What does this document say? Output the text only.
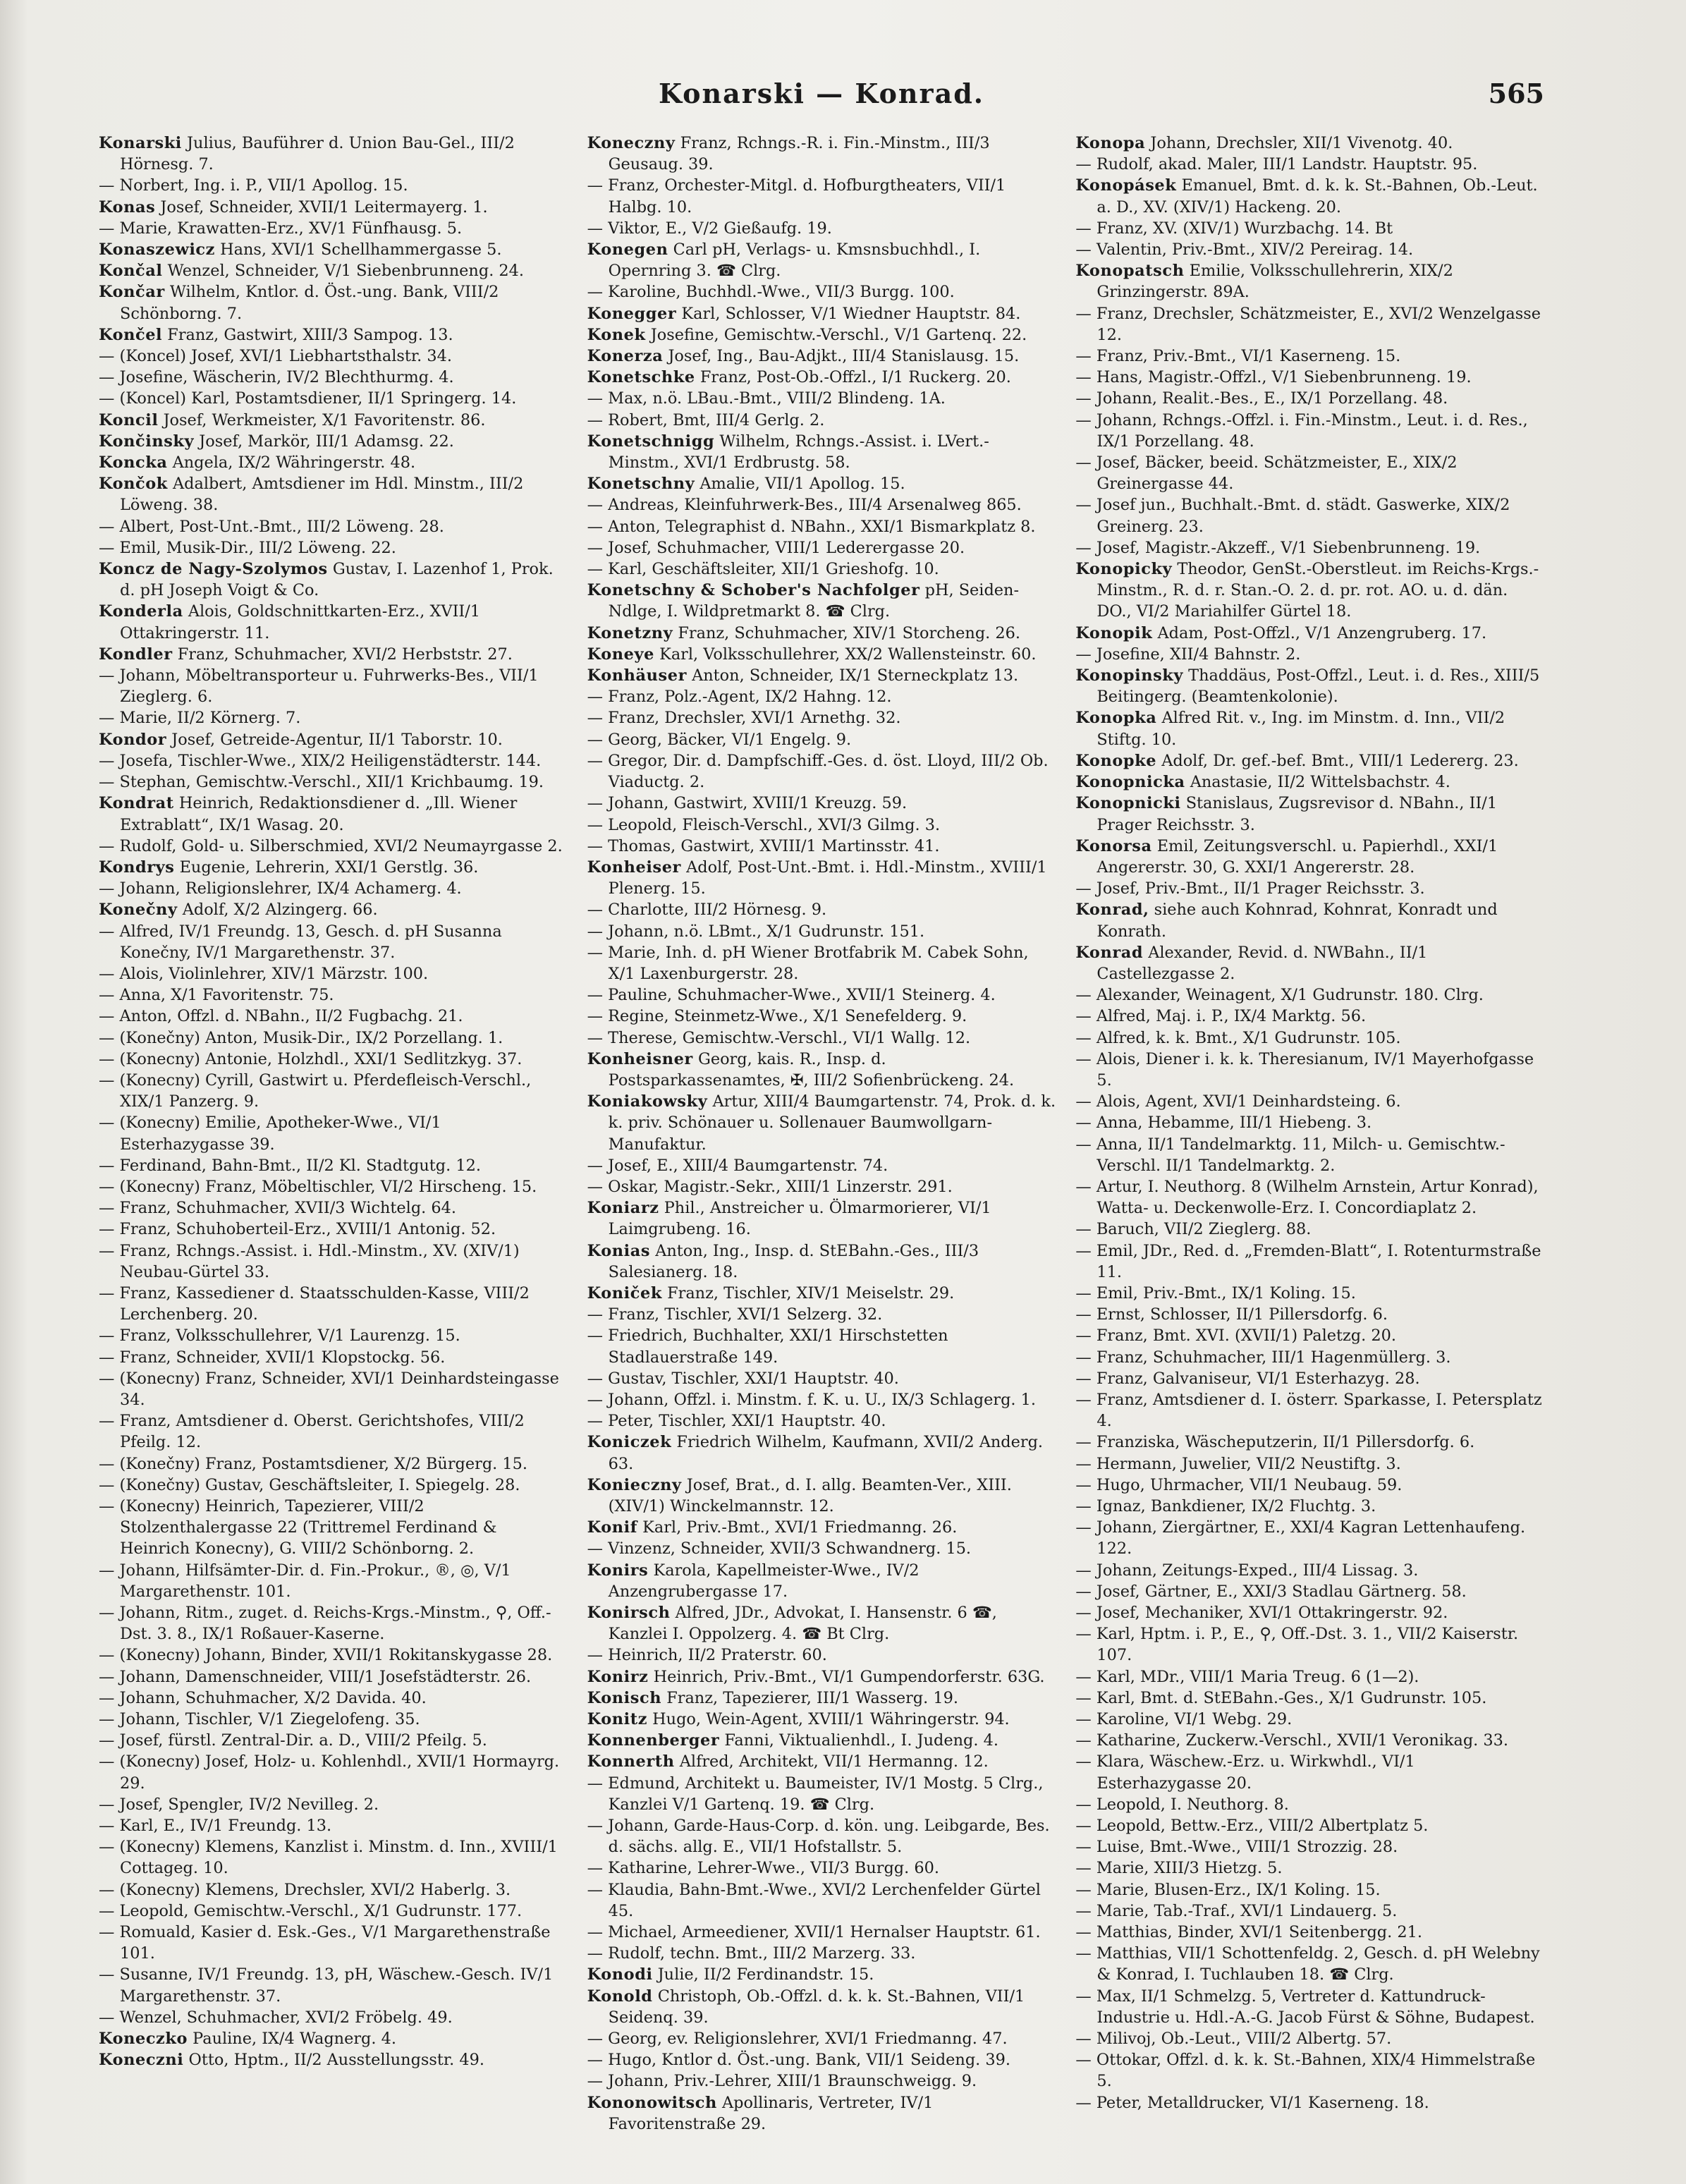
Konarski — Konrad.	565

Konarski Julius, Bauführer d. Union Bau-Gel., III/2 Hörnesg. 7.

— Norbert, Ing. i. P., VII/1 Apollog. 15.

Konas Josef, Schneider, XVII/1 Leitermayerg. 1.

— Marie, Krawatten-Erz., XV/1 Fünfhausg. 5.

Konaszewicz Hans, XVI/1 Schellhammergasse 5.

Končal Wenzel, Schneider, V/1 Siebenbrunneng. 24.

Končar Wilhelm, Kntlor. d. Öst.-ung. Bank, VIII/2 Schönborng. 7.

Končel Franz, Gastwirt, XIII/3 Sampog. 13.

— (Koncel) Josef, XVI/1 Liebhartsthalstr. 34.

— Josefine, Wäscherin, IV/2 Blechthurmg. 4.

— (Koncel) Karl, Postamtsdiener, II/1 Springerg. 14.

Koncil Josef, Werkmeister, X/1 Favoritenstr. 86.

Končinsky Josef, Markör, III/1 Adamsg. 22.

Koncka Angela, IX/2 Währingerstr. 48.

Končok Adalbert, Amtsdiener im Hdl. Minstm., III/2 Löweng. 38.

— Albert, Post-Unt.-Bmt., III/2 Löweng. 28.

— Emil, Musik-Dir., III/2 Löweng. 22.

Koncz de Nagy-Szolymos Gustav, I. Lazenhof 1, Prok. d. pH Joseph Voigt & Co.

Konderla Alois, Goldschnittkarten-Erz., XVII/1 Ottakringerstr. 11.

Kondler Franz, Schuhmacher, XVI/2 Herbststr. 27.

— Johann, Möbeltransporteur u. Fuhrwerks-Bes., VII/1 Zieglerg. 6.

— Marie, II/2 Körnerg. 7.

Kondor Josef, Getreide-Agentur, II/1 Taborstr. 10.

— Josefa, Tischler-Wwe., XIX/2 Heiligenstädterstr. 144.

— Stephan, Gemischtw.-Verschl., XII/1 Krichbaumg. 19.

Kondrat Heinrich, Redaktionsdiener d. „Ill. Wiener Extrablatt“, IX/1 Wasag. 20.

— Rudolf, Gold- u. Silberschmied, XVI/2 Neumayrgasse 2.

Kondrys Eugenie, Lehrerin, XXI/1 Gerstlg. 36.

— Johann, Religionslehrer, IX/4 Achamerg. 4.

Konečny Adolf, X/2 Alzingerg. 66.

— Alfred, IV/1 Freundg. 13, Gesch. d. pH Susanna Konečny, IV/1 Margarethenstr. 37.

— Alois, Violinlehrer, XIV/1 Märzstr. 100.

— Anna, X/1 Favoritenstr. 75.

— Anton, Offzl. d. NBahn., II/2 Fugbachg. 21.

— (Konečny) Anton, Musik-Dir., IX/2 Porzellang. 1.

— (Konecny) Antonie, Holzhdl., XXI/1 Sedlitzkyg. 37.

— (Konecny) Cyrill, Gastwirt u. Pferdefleisch-Verschl., XIX/1 Panzerg. 9.

— (Konecny) Emilie, Apotheker-Wwe., VI/1 Esterhazygasse 39.

— Ferdinand, Bahn-Bmt., II/2 Kl. Stadtgutg. 12.

— (Konecny) Franz, Möbeltischler, VI/2 Hirscheng. 15.

— Franz, Schuhmacher, XVII/3 Wichtelg. 64.

— Franz, Schuhoberteil-Erz., XVIII/1 Antonig. 52.

— Franz, Rchngs.-Assist. i. Hdl.-Minstm., XV. (XIV/1) Neubau-Gürtel 33.

— Franz, Kassediener d. Staatsschulden-Kasse, VIII/2 Lerchenberg. 20.

— Franz, Volksschullehrer, V/1 Laurenzg. 15.

— Franz, Schneider, XVII/1 Klopstockg. 56.

— (Konecny) Franz, Schneider, XVI/1 Deinhardsteingasse 34.

— Franz, Amtsdiener d. Oberst. Gerichtshofes, VIII/2 Pfeilg. 12.

— (Konečny) Franz, Postamtsdiener, X/2 Bürgerg. 15.

— (Konečny) Gustav, Geschäftsleiter, I. Spiegelg. 28.

— (Konecny) Heinrich, Tapezierer, VIII/2 Stolzenthalergasse 22 (Trittremel Ferdinand & Heinrich Konecny), G. VIII/2 Schönborng. 2.

— Johann, Hilfsämter-Dir. d. Fin.-Prokur., ®, ◎, V/1 Margarethenstr. 101.

— Johann, Ritm., zuget. d. Reichs-Krgs.-Minstm., ⚲, Off.-Dst. 3. 8., IX/1 Roßauer-Kaserne.

— (Konecny) Johann, Binder, XVII/1 Rokitanskygasse 28.

— Johann, Damenschneider, VIII/1 Josefstädterstr. 26.

— Johann, Schuhmacher, X/2 Davida. 40.

— Johann, Tischler, V/1 Ziegelofeng. 35.

— Josef, fürstl. Zentral-Dir. a. D., VIII/2 Pfeilg. 5.

— (Konecny) Josef, Holz- u. Kohlenhdl., XVII/1 Hormayrg. 29.

— Josef, Spengler, IV/2 Nevilleg. 2.

— Karl, E., IV/1 Freundg. 13.

— (Konecny) Klemens, Kanzlist i. Minstm. d. Inn., XVIII/1 Cottageg. 10.

— (Konecny) Klemens, Drechsler, XVI/2 Haberlg. 3.

— Leopold, Gemischtw.-Verschl., X/1 Gudrunstr. 177.

— Romuald, Kasier d. Esk.-Ges., V/1 Margarethenstraße 101.

— Susanne, IV/1 Freundg. 13, pH, Wäschew.-Gesch. IV/1 Margarethenstr. 37.

— Wenzel, Schuhmacher, XVI/2 Fröbelg. 49.

Koneczko Pauline, IX/4 Wagnerg. 4.

Koneczni Otto, Hptm., II/2 Ausstellungsstr. 49.

Koneczny Franz, Rchngs.-R. i. Fin.-Minstm., III/3 Geusaug. 39.

— Franz, Orchester-Mitgl. d. Hofburgtheaters, VII/1 Halbg. 10.

— Viktor, E., V/2 Gießaufg. 19.

Konegen Carl pH, Verlags- u. Kmsnsbuchhdl., I. Opernring 3. ☎ Clrg.

— Karoline, Buchhdl.-Wwe., VII/3 Burgg. 100.

Konegger Karl, Schlosser, V/1 Wiedner Hauptstr. 84.

Konek Josefine, Gemischtw.-Verschl., V/1 Gartenq. 22.

Konerza Josef, Ing., Bau-Adjkt., III/4 Stanislausg. 15.

Konetschke Franz, Post-Ob.-Offzl., I/1 Ruckerg. 20.

— Max, n.ö. LBau.-Bmt., VIII/2 Blindeng. 1A.

— Robert, Bmt, III/4 Gerlg. 2.

Konetschnigg Wilhelm, Rchngs.-Assist. i. LVert.-Minstm., XVI/1 Erdbrustg. 58.

Konetschny Amalie, VII/1 Apollog. 15.

— Andreas, Kleinfuhrwerk-Bes., III/4 Arsenalweg 865.

— Anton, Telegraphist d. NBahn., XXI/1 Bismarkplatz 8.

— Josef, Schuhmacher, VIII/1 Lederergasse 20.

— Karl, Geschäftsleiter, XII/1 Grieshofg. 10.

Konetschny & Schober's Nachfolger pH, Seiden-Ndlge, I. Wildpretmarkt 8. ☎ Clrg.

Konetzny Franz, Schuhmacher, XIV/1 Storcheng. 26.

Koneye Karl, Volksschullehrer, XX/2 Wallensteinstr. 60.

Konhäuser Anton, Schneider, IX/1 Sterneckplatz 13.

— Franz, Polz.-Agent, IX/2 Hahng. 12.

— Franz, Drechsler, XVI/1 Arnethg. 32.

— Georg, Bäcker, VI/1 Engelg. 9.

— Gregor, Dir. d. Dampfschiff.-Ges. d. öst. Lloyd, III/2 Ob. Viaductg. 2.

— Johann, Gastwirt, XVIII/1 Kreuzg. 59.

— Leopold, Fleisch-Verschl., XVI/3 Gilmg. 3.

— Thomas, Gastwirt, XVIII/1 Martinsstr. 41.

Konheiser Adolf, Post-Unt.-Bmt. i. Hdl.-Minstm., XVIII/1 Plenerg. 15.

— Charlotte, III/2 Hörnesg. 9.

— Johann, n.ö. LBmt., X/1 Gudrunstr. 151.

— Marie, Inh. d. pH Wiener Brotfabrik M. Cabek Sohn, X/1 Laxenburgerstr. 28.

— Pauline, Schuhmacher-Wwe., XVII/1 Steinerg. 4.

— Regine, Steinmetz-Wwe., X/1 Senefelderg. 9.

— Therese, Gemischtw.-Verschl., VI/1 Wallg. 12.

Konheisner Georg, kais. R., Insp. d. Postsparkassenamtes, ✠, III/2 Sofienbrückeng. 24.

Koniakowsky Artur, XIII/4 Baumgartenstr. 74, Prok. d. k. k. priv. Schönauer u. Sollenauer Baumwollgarn-Manufaktur.

— Josef, E., XIII/4 Baumgartenstr. 74.

— Oskar, Magistr.-Sekr., XIII/1 Linzerstr. 291.

Koniarz Phil., Anstreicher u. Ölmarmorierer, VI/1 Laimgrubeng. 16.

Konias Anton, Ing., Insp. d. StEBahn.-Ges., III/3 Salesianerg. 18.

Koniček Franz, Tischler, XIV/1 Meiselstr. 29.

— Franz, Tischler, XVI/1 Selzerg. 32.

— Friedrich, Buchhalter, XXI/1 Hirschstetten Stadlauerstraße 149.

— Gustav, Tischler, XXI/1 Hauptstr. 40.

— Johann, Offzl. i. Minstm. f. K. u. U., IX/3 Schlagerg. 1.

— Peter, Tischler, XXI/1 Hauptstr. 40.

Koniczek Friedrich Wilhelm, Kaufmann, XVII/2 Anderg. 63.

Konieczny Josef, Brat., d. I. allg. Beamten-Ver., XIII. (XIV/1) Winckelmannstr. 12.

Konif Karl, Priv.-Bmt., XVI/1 Friedmanng. 26.

— Vinzenz, Schneider, XVII/3 Schwandnerg. 15.

Konirs Karola, Kapellmeister-Wwe., IV/2 Anzengrubergasse 17.

Konirsch Alfred, JDr., Advokat, I. Hansenstr. 6 ☎, Kanzlei I. Oppolzerg. 4. ☎ Bt Clrg.

— Heinrich, II/2 Praterstr. 60.

Konirz Heinrich, Priv.-Bmt., VI/1 Gumpendorferstr. 63G.

Konisch Franz, Tapezierer, III/1 Wasserg. 19.

Konitz Hugo, Wein-Agent, XVIII/1 Währingerstr. 94.

Konnenberger Fanni, Viktualienhdl., I. Judeng. 4.

Konnerth Alfred, Architekt, VII/1 Hermanng. 12.

— Edmund, Architekt u. Baumeister, IV/1 Mostg. 5 Clrg., Kanzlei V/1 Gartenq. 19. ☎ Clrg.

— Johann, Garde-Haus-Corp. d. kön. ung. Leibgarde, Bes. d. sächs. allg. E., VII/1 Hofstallstr. 5.

— Katharine, Lehrer-Wwe., VII/3 Burgg. 60.

— Klaudia, Bahn-Bmt.-Wwe., XVI/2 Lerchenfelder Gürtel 45.

— Michael, Armeediener, XVII/1 Hernalser Hauptstr. 61.

— Rudolf, techn. Bmt., III/2 Marzerg. 33.

Konodi Julie, II/2 Ferdinandstr. 15.

Konold Christoph, Ob.-Offzl. d. k. k. St.-Bahnen, VII/1 Seidenq. 39.

— Georg, ev. Religionslehrer, XVI/1 Friedmanng. 47.

— Hugo, Kntlor d. Öst.-ung. Bank, VII/1 Seideng. 39.

— Johann, Priv.-Lehrer, XIII/1 Braunschweigg. 9.

Kononowitsch Apollinaris, Vertreter, IV/1 Favoritenstraße 29.

Konopa Johann, Drechsler, XII/1 Vivenotg. 40.

— Rudolf, akad. Maler, III/1 Landstr. Hauptstr. 95.

Konopásek Emanuel, Bmt. d. k. k. St.-Bahnen, Ob.-Leut. a. D., XV. (XIV/1) Hackeng. 20.

— Franz, XV. (XIV/1) Wurzbachg. 14. Bt

— Valentin, Priv.-Bmt., XIV/2 Pereirag. 14.

Konopatsch Emilie, Volksschullehrerin, XIX/2 Grinzingerstr. 89A.

— Franz, Drechsler, Schätzmeister, E., XVI/2 Wenzelgasse 12.

— Franz, Priv.-Bmt., VI/1 Kaserneng. 15.

— Hans, Magistr.-Offzl., V/1 Siebenbrunneng. 19.

— Johann, Realit.-Bes., E., IX/1 Porzellang. 48.

— Johann, Rchngs.-Offzl. i. Fin.-Minstm., Leut. i. d. Res., IX/1 Porzellang. 48.

— Josef, Bäcker, beeid. Schätzmeister, E., XIX/2 Greinergasse 44.

— Josef jun., Buchhalt.-Bmt. d. städt. Gaswerke, XIX/2 Greinerg. 23.

— Josef, Magistr.-Akzeff., V/1 Siebenbrunneng. 19.

Konopicky Theodor, GenSt.-Oberstleut. im Reichs-Krgs.-Minstm., R. d. r. Stan.-O. 2. d. pr. rot. AO. u. d. dän. DO., VI/2 Mariahilfer Gürtel 18.

Konopik Adam, Post-Offzl., V/1 Anzengruberg. 17.

— Josefine, XII/4 Bahnstr. 2.

Konopinsky Thaddäus, Post-Offzl., Leut. i. d. Res., XIII/5 Beitingerg. (Beamtenkolonie).

Konopka Alfred Rit. v., Ing. im Minstm. d. Inn., VII/2 Stiftg. 10.

Konopke Adolf, Dr. gef.-bef. Bmt., VIII/1 Ledererg. 23.

Konopnicka Anastasie, II/2 Wittelsbachstr. 4.

Konopnicki Stanislaus, Zugsrevisor d. NBahn., II/1 Prager Reichsstr. 3.

Konorsa Emil, Zeitungsverschl. u. Papierhdl., XXI/1 Angererstr. 30, G. XXI/1 Angererstr. 28.

— Josef, Priv.-Bmt., II/1 Prager Reichsstr. 3.

Konrad, siehe auch Kohnrad, Kohnrat, Konradt und Konrath.

Konrad Alexander, Revid. d. NWBahn., II/1 Castellezgasse 2.

— Alexander, Weinagent, X/1 Gudrunstr. 180. Clrg.

— Alfred, Maj. i. P., IX/4 Marktg. 56.

— Alfred, k. k. Bmt., X/1 Gudrunstr. 105.

— Alois, Diener i. k. k. Theresianum, IV/1 Mayerhofgasse 5.

— Alois, Agent, XVI/1 Deinhardsteing. 6.

— Anna, Hebamme, III/1 Hiebeng. 3.

— Anna, II/1 Tandelmarktg. 11, Milch- u. Gemischtw.-Verschl. II/1 Tandelmarktg. 2.

— Artur, I. Neuthorg. 8 (Wilhelm Arnstein, Artur Konrad), Watta- u. Deckenwolle-Erz. I. Concordiaplatz 2.

— Baruch, VII/2 Zieglerg. 88.

— Emil, JDr., Red. d. „Fremden-Blatt“, I. Rotenturmstraße 11.

— Emil, Priv.-Bmt., IX/1 Koling. 15.

— Ernst, Schlosser, II/1 Pillersdorfg. 6.

— Franz, Bmt. XVI. (XVII/1) Paletzg. 20.

— Franz, Schuhmacher, III/1 Hagenmüllerg. 3.

— Franz, Galvaniseur, VI/1 Esterhazyg. 28.

— Franz, Amtsdiener d. I. österr. Sparkasse, I. Petersplatz 4.

— Franziska, Wäscheputzerin, II/1 Pillersdorfg. 6.

— Hermann, Juwelier, VII/2 Neustiftg. 3.

— Hugo, Uhrmacher, VII/1 Neubaug. 59.

— Ignaz, Bankdiener, IX/2 Fluchtg. 3.

— Johann, Ziergärtner, E., XXI/4 Kagran Lettenhaufeng. 122.

— Johann, Zeitungs-Exped., III/4 Lissag. 3.

— Josef, Gärtner, E., XXI/3 Stadlau Gärtnerg. 58.

— Josef, Mechaniker, XVI/1 Ottakringerstr. 92.

— Karl, Hptm. i. P., E., ⚲, Off.-Dst. 3. 1., VII/2 Kaiserstr. 107.

— Karl, MDr., VIII/1 Maria Treug. 6 (1—2).

— Karl, Bmt. d. StEBahn.-Ges., X/1 Gudrunstr. 105.

— Karoline, VI/1 Webg. 29.

— Katharine, Zuckerw.-Verschl., XVII/1 Veronikag. 33.

— Klara, Wäschew.-Erz. u. Wirkwhdl., VI/1 Esterhazygasse 20.

— Leopold, I. Neuthorg. 8.

— Leopold, Bettw.-Erz., VIII/2 Albertplatz 5.

— Luise, Bmt.-Wwe., VIII/1 Strozzig. 28.

— Marie, XIII/3 Hietzg. 5.

— Marie, Blusen-Erz., IX/1 Koling. 15.

— Marie, Tab.-Traf., XVI/1 Lindauerg. 5.

— Matthias, Binder, XVI/1 Seitenbergg. 21.

— Matthias, VII/1 Schottenfeldg. 2, Gesch. d. pH Welebny & Konrad, I. Tuchlauben 18. ☎ Clrg.

— Max, II/1 Schmelzg. 5, Vertreter d. Kattundruck-Industrie u. Hdl.-A.-G. Jacob Fürst & Söhne, Budapest.

— Milivoj, Ob.-Leut., VIII/2 Albertg. 57.

— Ottokar, Offzl. d. k. k. St.-Bahnen, XIX/4 Himmelstraße 5.

— Peter, Metalldrucker, VI/1 Kaserneng. 18.
